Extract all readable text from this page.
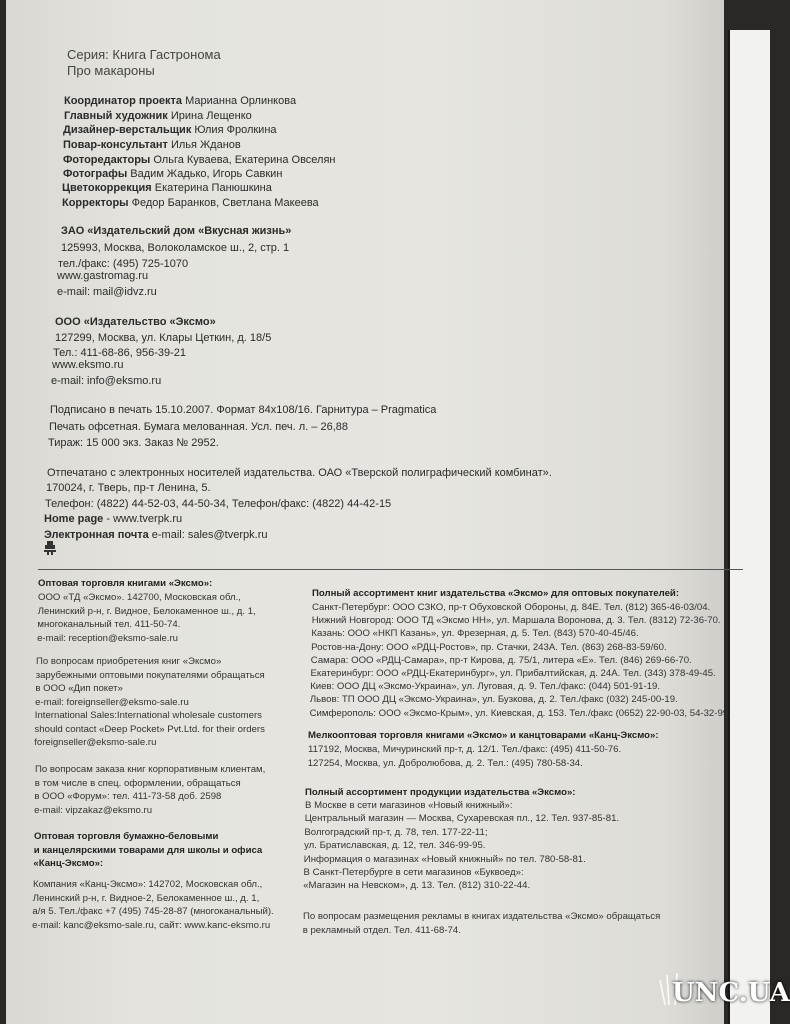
Серия: Книга Гастронома
Про макароны
Координатор проекта Марианна Орлинкова
Главный художник Ирина Лещенко
Дизайнер-верстальщик Юлия Фролкина
Повар-консультант Илья Жданов
Фоторедакторы Ольга Куваева, Екатерина Овселян
Фотографы Вадим Жадько, Игорь Савкин
Цветокоррекция Екатерина Панюшкина
Корректоры Федор Баранков, Светлана Макеева
ЗАО «Издательский дом «Вкусная жизнь»
125993, Москва, Волоколамское ш., 2, стр. 1
тел./факс: (495) 725-1070
www.gastromag.ru
e-mail: mail@idvz.ru
ООО «Издательство «Эксмо»
127299, Москва, ул. Клары Цеткин, д. 18/5
Тел.: 411-68-86, 956-39-21
www.eksmo.ru
e-mail: info@eksmo.ru
Подписано в печать 15.10.2007. Формат 84х108/16. Гарнитура – Pragmatica
Печать офсетная. Бумага мелованная. Усл. печ. л. – 26,88
Тираж: 15 000 экз. Заказ № 2952.
Отпечатано с электронных носителей издательства. ОАО «Тверской полиграфический комбинат».
170024, г. Тверь, пр-т Ленина, 5.
Телефон: (4822) 44-52-03, 44-50-34, Телефон/факс: (4822) 44-42-15
Home page - www.tverpk.ru
Электронная почта e-mail: sales@tverpk.ru
Оптовая торговля книгами «Эксмо»:
ООО «ТД «Эксмо». 142700, Московская обл.,
Ленинский р-н, г. Видное, Белокаменное ш., д. 1,
многоканальный тел. 411-50-74.
e-mail: reception@eksmo-sale.ru
По вопросам приобретения книг «Эксмо»
зарубежными оптовыми покупателями обращаться
в ООО «Дип покет»
e-mail: foreignseller@eksmo-sale.ru
International Sales:International wholesale customers
should contact «Deep Pocket» Pvt.Ltd. for their orders
foreignseller@eksmo-sale.ru
По вопросам заказа книг корпоративным клиентам,
в том числе в спец. оформлении, обращаться
в ООО «Форум»: тел. 411-73-58 доб. 2598
e-mail: vipzakaz@eksmo.ru
Оптовая торговля бумажно-беловыми
и канцелярскими товарами для школы и офиса
«Канц-Эксмо»:
Компания «Канц-Эксмо»: 142702, Московская обл.,
Ленинский р-н, г. Видное-2, Белокаменное ш., д. 1,
а/я 5. Тел./факс +7 (495) 745-28-87 (многоканальный).
e-mail: kanc@eksmo-sale.ru, сайт: www.kanc-eksmo.ru
Полный ассортимент книг издательства «Эксмо» для оптовых покупателей:
Санкт-Петербург: ООО СЗКО, пр-т Обуховской Обороны, д. 84Е. Тел. (812) 365-46-03/04.
Нижний Новгород: ООО ТД «Эксмо НН», ул. Маршала Воронова, д. 3. Тел. (8312) 72-36-70.
Казань: ООО «НКП Казань», ул. Фрезерная, д. 5. Тел. (843) 570-40-45/46.
Ростов-на-Дону: ООО «РДЦ-Ростов», пр. Стачки, 243А. Тел. (863) 268-83-59/60.
Самара: ООО «РДЦ-Самара», пр-т Кирова, д. 75/1, литера «Е». Тел. (846) 269-66-70.
Екатеринбург: ООО «РДЦ-Екатеринбург», ул. Прибалтийская, д. 24А. Тел. (343) 378-49-45.
Киев: ООО ДЦ «Эксмо-Украина», ул. Луговая, д. 9. Тел./факс: (044) 501-91-19.
Львов: ТП ООО ДЦ «Эксмо-Украина», ул. Бузкова, д. 2. Тел./факс (032) 245-00-19.
Симферополь: ООО «Эксмо-Крым», ул. Киевская, д. 153. Тел./факс (0652) 22-90-03, 54-32-99.
Мелкооптовая торговля книгами «Эксмо» и канцтоварами «Канц-Эксмо»:
117192, Москва, Мичуринский пр-т, д. 12/1. Тел./факс: (495) 411-50-76.
127254, Москва, ул. Добролюбова, д. 2. Тел.: (495) 780-58-34.
Полный ассортимент продукции издательства «Эксмо»:
В Москве в сети магазинов «Новый книжный»:
Центральный магазин — Москва, Сухаревская пл., 12. Тел. 937-85-81.
Волгоградский пр-т, д. 78, тел. 177-22-11;
ул. Братиславская, д. 12, тел. 346-99-95.
Информация о магазинах «Новый книжный» по тел. 780-58-81.
В Санкт-Петербурге в сети магазинов «Буквоед»:
«Магазин на Невском», д. 13. Тел. (812) 310-22-44.
По вопросам размещения рекламы в книгах издательства «Эксмо» обращаться
в рекламный отдел. Тел. 411-68-74.
UNC.UA
